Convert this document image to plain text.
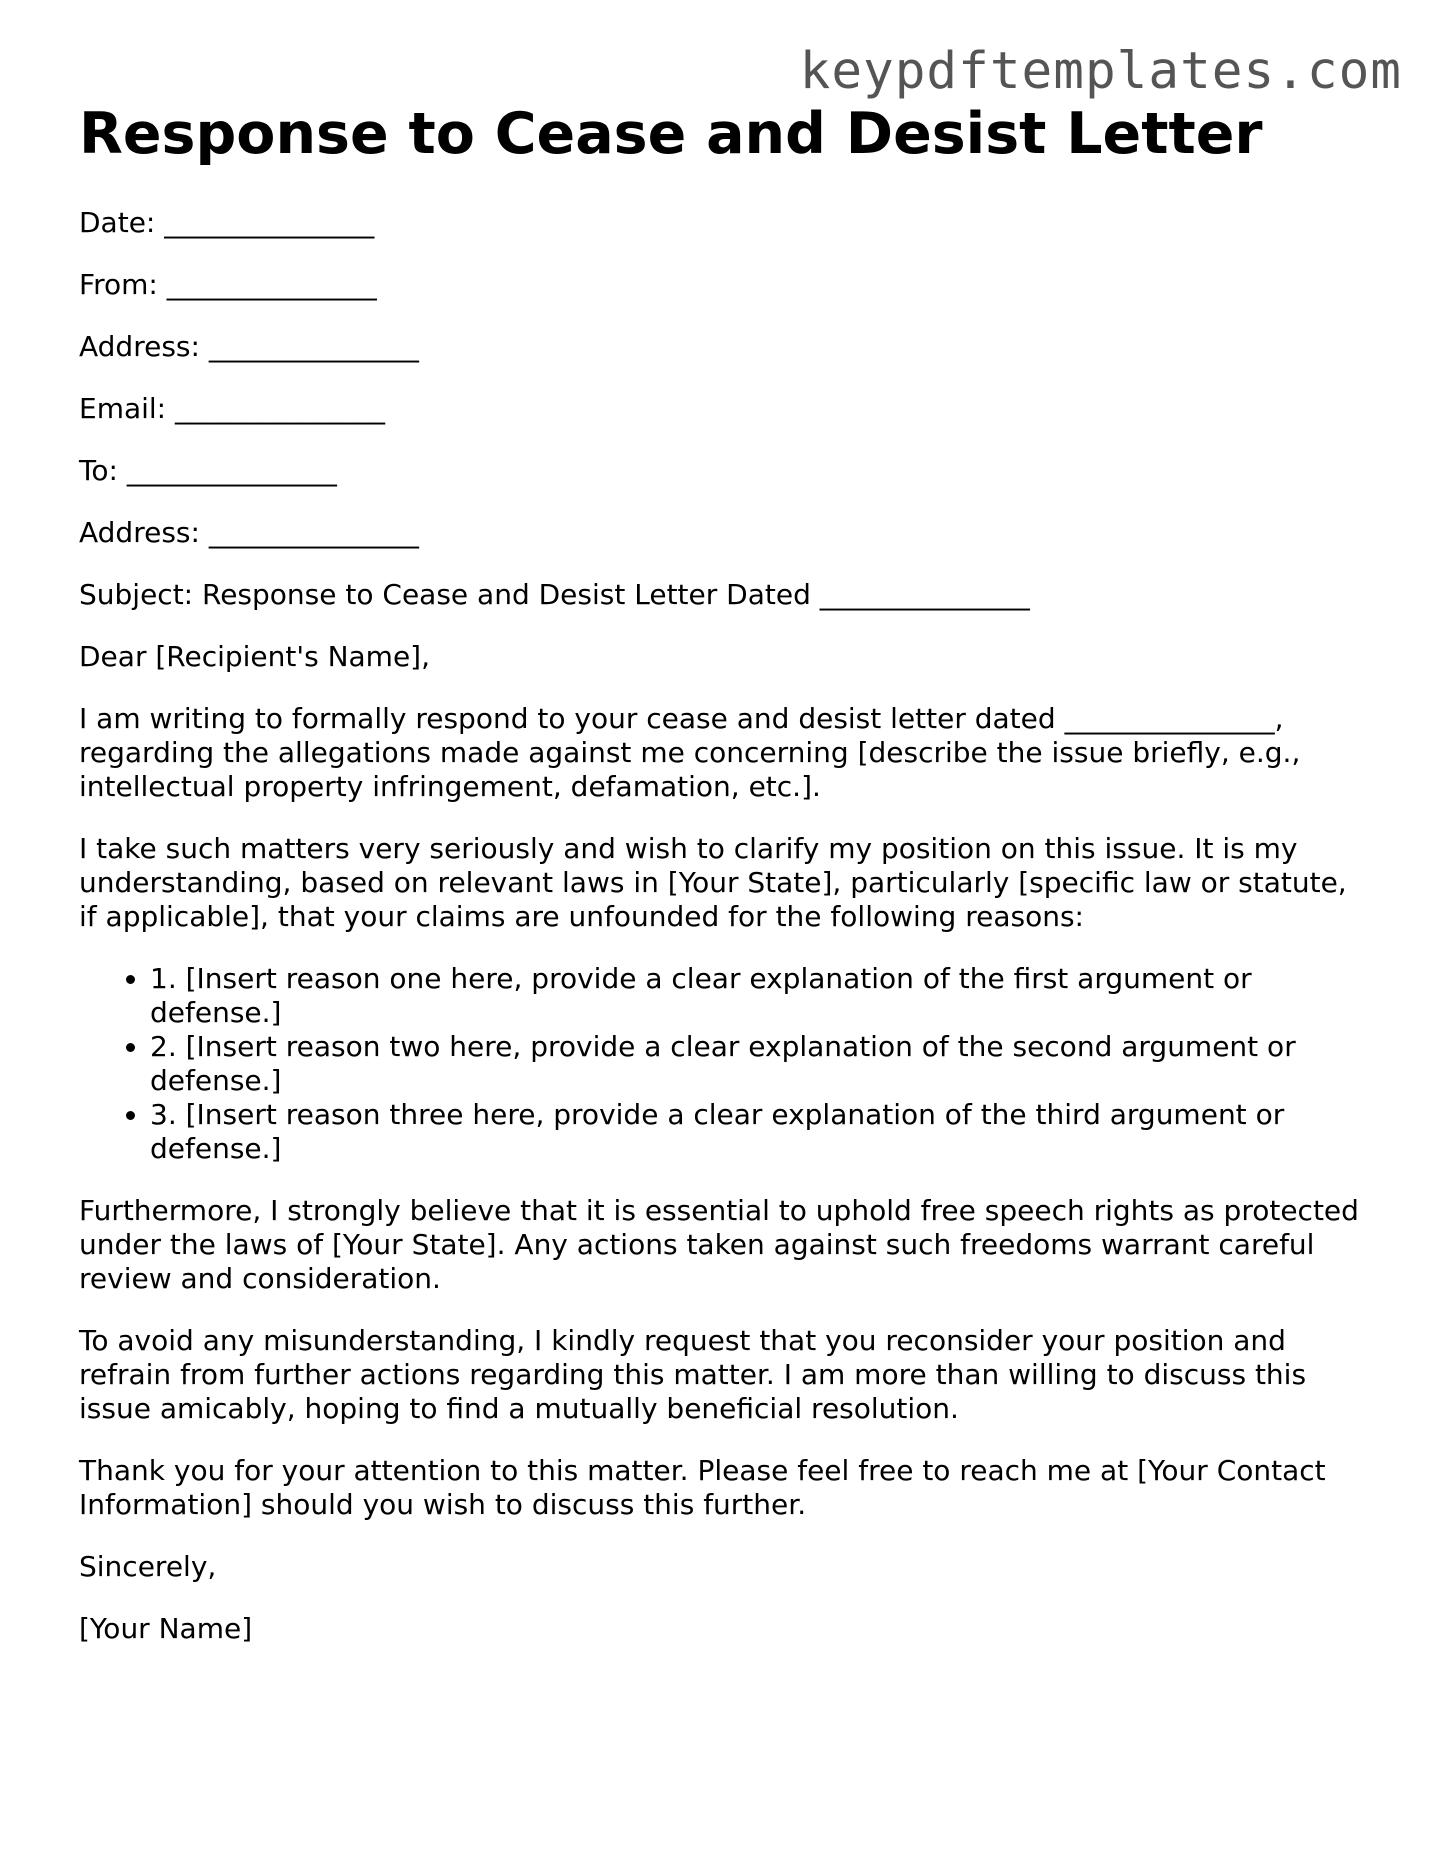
keypdftemplates.com
Response to Cease and Desist Letter
Date: _______________
From: _______________
Address: _______________
Email: _______________
To: _______________
Address: _______________
Subject: Response to Cease and Desist Letter Dated _______________
Dear [Recipient's Name],

I am writing to formally respond to your cease and desist letter dated _______________, regarding the allegations made against me concerning [describe the issue briefly, e.g., intellectual property infringement, defamation, etc.].

I take such matters very seriously and wish to clarify my position on this issue. It is my understanding, based on relevant laws in [Your State], particularly [specific law or statute, if applicable], that your claims are unfounded for the following reasons:

• 1. [Insert reason one here, provide a clear explanation of the first argument or defense.]
• 2. [Insert reason two here, provide a clear explanation of the second argument or defense.]
• 3. [Insert reason three here, provide a clear explanation of the third argument or defense.]

Furthermore, I strongly believe that it is essential to uphold free speech rights as protected under the laws of [Your State]. Any actions taken against such freedoms warrant careful review and consideration.

To avoid any misunderstanding, I kindly request that you reconsider your position and refrain from further actions regarding this matter. I am more than willing to discuss this issue amicably, hoping to find a mutually beneficial resolution.

Thank you for your attention to this matter. Please feel free to reach me at [Your Contact Information] should you wish to discuss this further.

Sincerely,
[Your Name]
